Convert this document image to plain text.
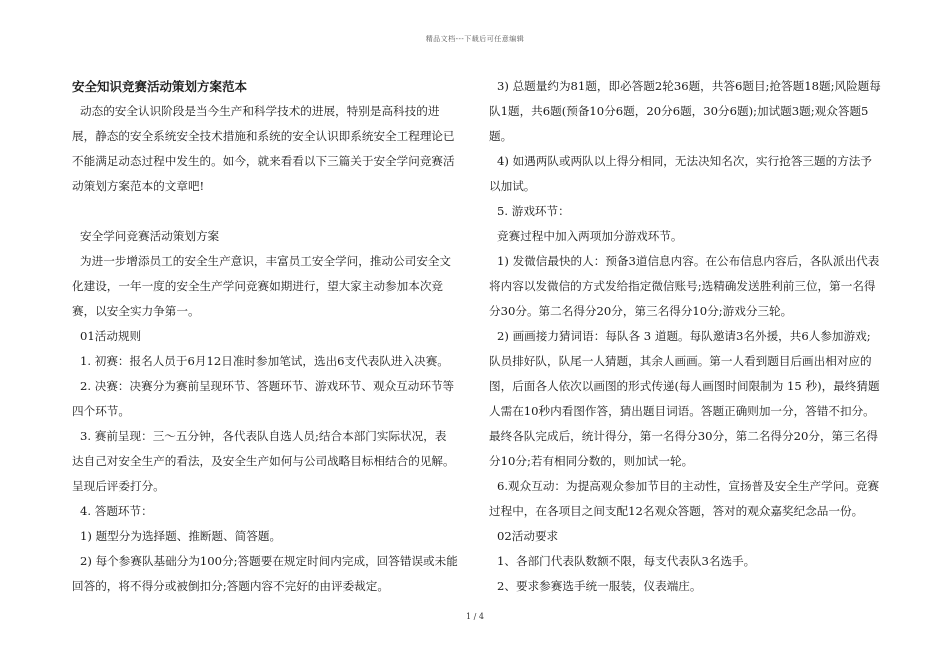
精品文档---下载后可任意编辑
安全知识竞赛活动策划方案范本

动态的安全认识阶段是当今生产和科学技术的进展，特别是高科技的进展，静态的安全系统安全技术措施和系统的安全认识即系统安全工程理论已不能满足动态过程中发生的。如今，就来看看以下三篇关于安全学问竞赛活动策划方案范本的文章吧!

安全学问竞赛活动策划方案

为进一步增添员工的安全生产意识，丰富员工安全学问，推动公司安全文化建设，一年一度的安全生产学问竞赛如期进行，望大家主动参加本次竞赛，以安全实力争第一。

01活动规则

1. 初赛：报名人员于6月12日准时参加笔试，选出6支代表队进入决赛。

2. 决赛：决赛分为赛前呈现环节、答题环节、游戏环节、观众互动环节等四个环节。

3. 赛前呈现：三～五分钟，各代表队自选人员;结合本部门实际状况，表达自己对安全生产的看法，及安全生产如何与公司战略目标相结合的见解。呈现后评委打分。

4. 答题环节：

1) 题型分为选择题、推断题、简答题。

2) 每个参赛队基础分为100分;答题要在规定时间内完成，回答错误或未能回答的，将不得分或被倒扣分;答题内容不完好的由评委裁定。

3) 总题量约为81题，即必答题2轮36题，共答6题目;抢答题18题;风险题每队1题，共6题(预备10分6题，20分6题，30分6题);加试题3题;观众答题5题。

4) 如遇两队或两队以上得分相同，无法决知名次，实行抢答三题的方法予以加试。

5. 游戏环节：

竞赛过程中加入两项加分游戏环节。

1) 发微信最快的人：预备3道信息内容。在公布信息内容后，各队派出代表将内容以发微信的方式发给指定微信账号;选精确发送胜利前三位，第一名得分30分。第二名得分20分，第三名得分10分;游戏分三轮。

2) 画画接力猜词语：每队各 3 道题。每队邀请3名外援，共6人参加游戏;队员排好队，队尾一人猜题，其余人画画。第一人看到题目后画出相对应的图，后面各人依次以画图的形式传递(每人画图时间限制为 15 秒)，最终猜题人需在10秒内看图作答，猜出题目词语。答题正确则加一分，答错不扣分。最终各队完成后，统计得分，第一名得分30分，第二名得分20分，第三名得分10分;若有相同分数的，则加试一轮。

6.观众互动：为提高观众参加节目的主动性，宣扬普及安全生产学问。竞赛过程中，在各项目之间支配12名观众答题，答对的观众嘉奖纪念品一份。

02活动要求

1、各部门代表队数额不限，每支代表队3名选手。

2、要求参赛选手统一服装，仪表端庄。

1 / 4
